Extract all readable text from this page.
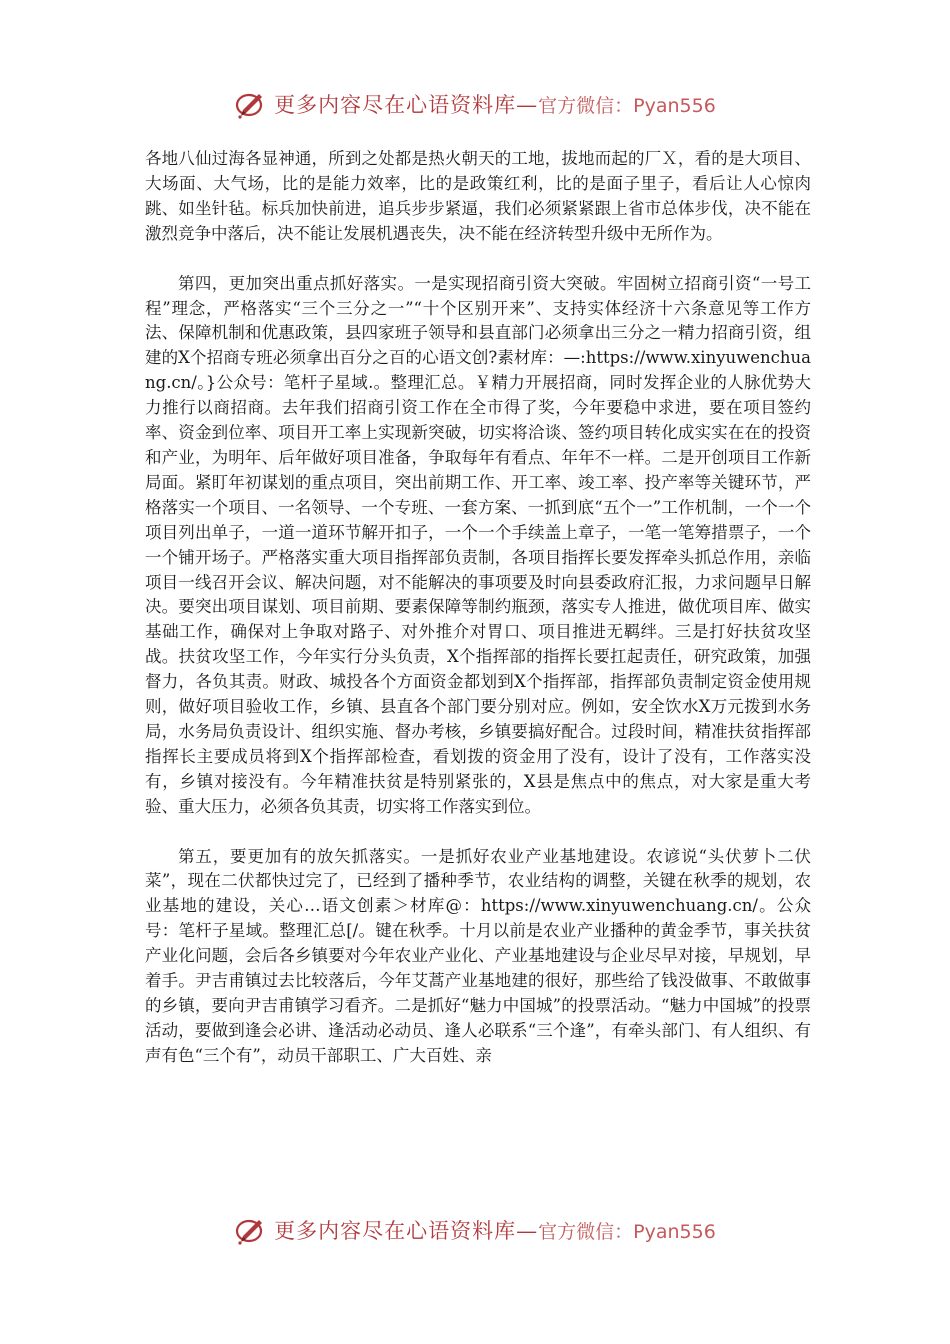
更多内容尽在心语资料库—官方微信：Pyan556

各地八仙过海各显神通，所到之处都是热火朝天的工地，拔地而起的厂Ｘ，看的是大项目、大场面、大气场，比的是能力效率，比的是政策红利，比的是面子里子，看后让人心惊肉跳、如坐针毡。标兵加快前进，追兵步步紧逼，我们必须紧紧跟上省市总体步伐，决不能在激烈竞争中落后，决不能让发展机遇丧失，决不能在经济转型升级中无所作为。

第四，更加突出重点抓好落实。一是实现招商引资大突破。牢固树立招商引资“一号工程”理念，严格落实“三个三分之一”“十个区别开来”、支持实体经济十六条意见等工作方法、保障机制和优惠政策，县四家班子领导和县直部门必须拿出三分之一精力招商引资，组建的X个招商专班必须拿出百分之百的心语文创?素材库：—:https://www.xinyuwenchuang.cn/。}公众号：笔杆子星域.。整理汇总。￥精力开展招商，同时发挥企业的人脉优势大力推行以商招商。去年我们招商引资工作在全市得了奖，今年要稳中求进，要在项目签约率、资金到位率、项目开工率上实现新突破，切实将洽谈、签约项目转化成实实在在的投资和产业，为明年、后年做好项目准备，争取每年有看点、年年不一样。二是开创项目工作新局面。紧盯年初谋划的重点项目，突出前期工作、开工率、竣工率、投产率等关键环节，严格落实一个项目、一名领导、一个专班、一套方案、一抓到底“五个一”工作机制，一个一个项目列出单子，一道一道环节解开扣子，一个一个手续盖上章子，一笔一笔筹措票子，一个一个铺开场子。严格落实重大项目指挥部负责制，各项目指挥长要发挥牵头抓总作用，亲临项目一线召开会议、解决问题，对不能解决的事项要及时向县委政府汇报，力求问题早日解决。要突出项目谋划、项目前期、要素保障等制约瓶颈，落实专人推进，做优项目库、做实基础工作，确保对上争取对路子、对外推介对胃口、项目推进无羁绊。三是打好扶贫攻坚战。扶贫攻坚工作，今年实行分头负责，X个指挥部的指挥长要扛起责任，研究政策，加强督力，各负其责。财政、城投各个方面资金都划到X个指挥部，指挥部负责制定资金使用规则，做好项目验收工作，乡镇、县直各个部门要分别对应。例如，安全饮水X万元拨到水务局，水务局负责设计、组织实施、督办考核，乡镇要搞好配合。过段时间，精准扶贫指挥部指挥长主要成员将到X个指挥部检查，看划拨的资金用了没有，设计了没有，工作落实没有，乡镇对接没有。今年精准扶贫是特别紧张的，X县是焦点中的焦点，对大家是重大考验、重大压力，必须各负其责，切实将工作落实到位。

第五，要更加有的放矢抓落实。一是抓好农业产业基地建设。农谚说“头伏萝卜二伏菜”，现在二伏都快过完了，已经到了播种季节，农业结构的调整，关键在秋季的规划，农业基地的建设，关心…语文创素＞材库@：https://www.xinyuwenchuang.cn/。公众号：笔杆子星域。整理汇总[/。键在秋季。十月以前是农业产业播种的黄金季节，事关扶贫产业化问题，会后各乡镇要对今年农业产业化、产业基地建设与企业尽早对接，早规划，早着手。尹吉甫镇过去比较落后，今年艾蒿产业基地建的很好，那些给了钱没做事、不敢做事的乡镇，要向尹吉甫镇学习看齐。二是抓好“魅力中国城”的投票活动。“魅力中国城”的投票活动，要做到逢会必讲、逢活动必动员、逢人必联系“三个逢”，有牵头部门、有人组织、有声有色“三个有”，动员干部职工、广大百姓、亲

更多内容尽在心语资料库—官方微信：Pyan556
